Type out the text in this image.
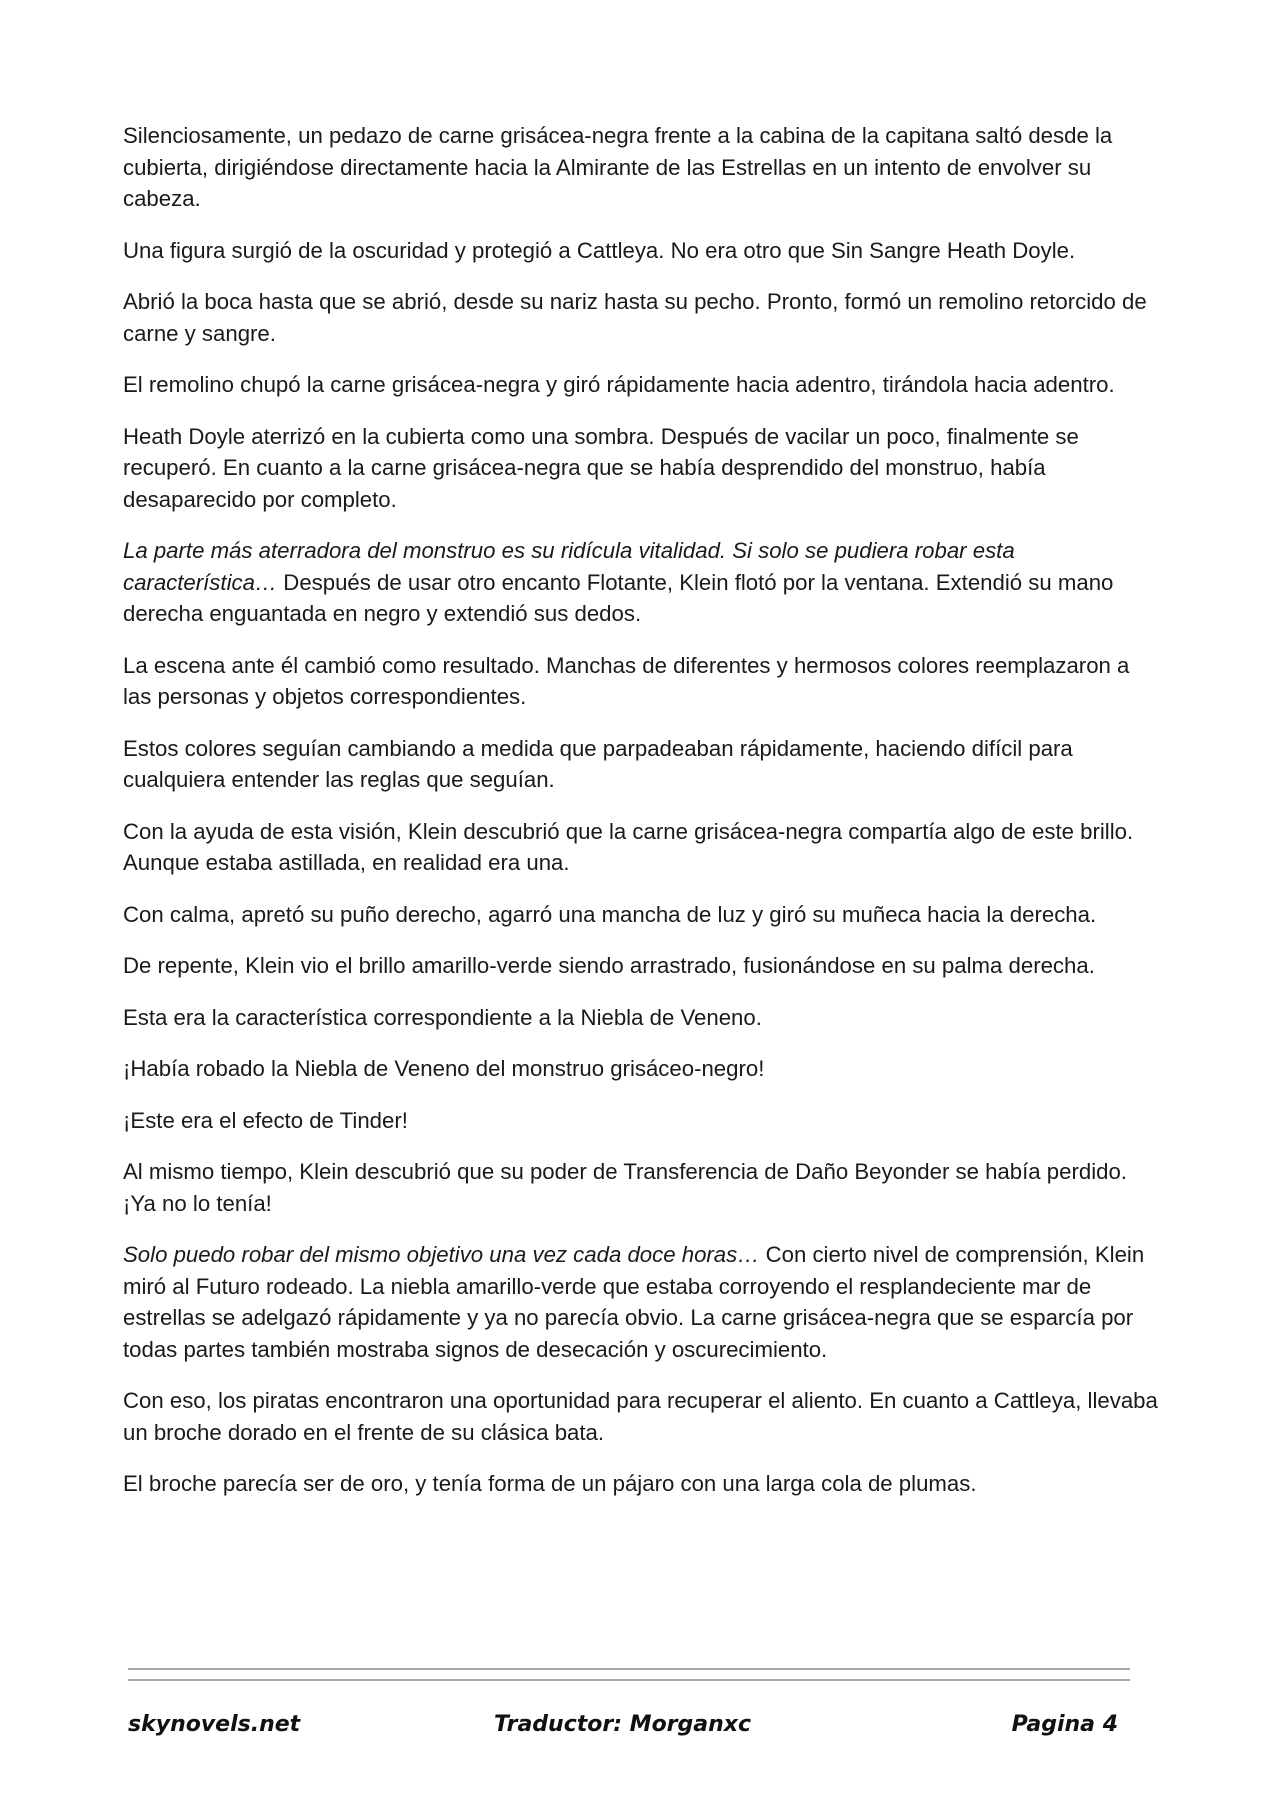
Silenciosamente, un pedazo de carne grisácea-negra frente a la cabina de la capitana saltó desde la cubierta, dirigiéndose directamente hacia la Almirante de las Estrellas en un intento de envolver su cabeza.

Una figura surgió de la oscuridad y protegió a Cattleya. No era otro que Sin Sangre Heath Doyle.

Abrió la boca hasta que se abrió, desde su nariz hasta su pecho. Pronto, formó un remolino retorcido de carne y sangre.

El remolino chupó la carne grisácea-negra y giró rápidamente hacia adentro, tirándola hacia adentro.

Heath Doyle aterrizó en la cubierta como una sombra. Después de vacilar un poco, finalmente se recuperó. En cuanto a la carne grisácea-negra que se había desprendido del monstruo, había desaparecido por completo.

La parte más aterradora del monstruo es su ridícula vitalidad. Si solo se pudiera robar esta característica… Después de usar otro encanto Flotante, Klein flotó por la ventana. Extendió su mano derecha enguantada en negro y extendió sus dedos.

La escena ante él cambió como resultado. Manchas de diferentes y hermosos colores reemplazaron a las personas y objetos correspondientes.

Estos colores seguían cambiando a medida que parpadeaban rápidamente, haciendo difícil para cualquiera entender las reglas que seguían.

Con la ayuda de esta visión, Klein descubrió que la carne grisácea-negra compartía algo de este brillo. Aunque estaba astillada, en realidad era una.

Con calma, apretó su puño derecho, agarró una mancha de luz y giró su muñeca hacia la derecha.

De repente, Klein vio el brillo amarillo-verde siendo arrastrado, fusionándose en su palma derecha.

Esta era la característica correspondiente a la Niebla de Veneno.

¡Había robado la Niebla de Veneno del monstruo grisáceo-negro!

¡Este era el efecto de Tinder!

Al mismo tiempo, Klein descubrió que su poder de Transferencia de Daño Beyonder se había perdido. ¡Ya no lo tenía!

Solo puedo robar del mismo objetivo una vez cada doce horas… Con cierto nivel de comprensión, Klein miró al Futuro rodeado. La niebla amarillo-verde que estaba corroyendo el resplandeciente mar de estrellas se adelgazó rápidamente y ya no parecía obvio. La carne grisácea-negra que se esparcía por todas partes también mostraba signos de desecación y oscurecimiento.

Con eso, los piratas encontraron una oportunidad para recuperar el aliento. En cuanto a Cattleya, llevaba un broche dorado en el frente de su clásica bata.

El broche parecía ser de oro, y tenía forma de un pájaro con una larga cola de plumas.

skynovels.net	Traductor: Morganxc	Pagina 4
